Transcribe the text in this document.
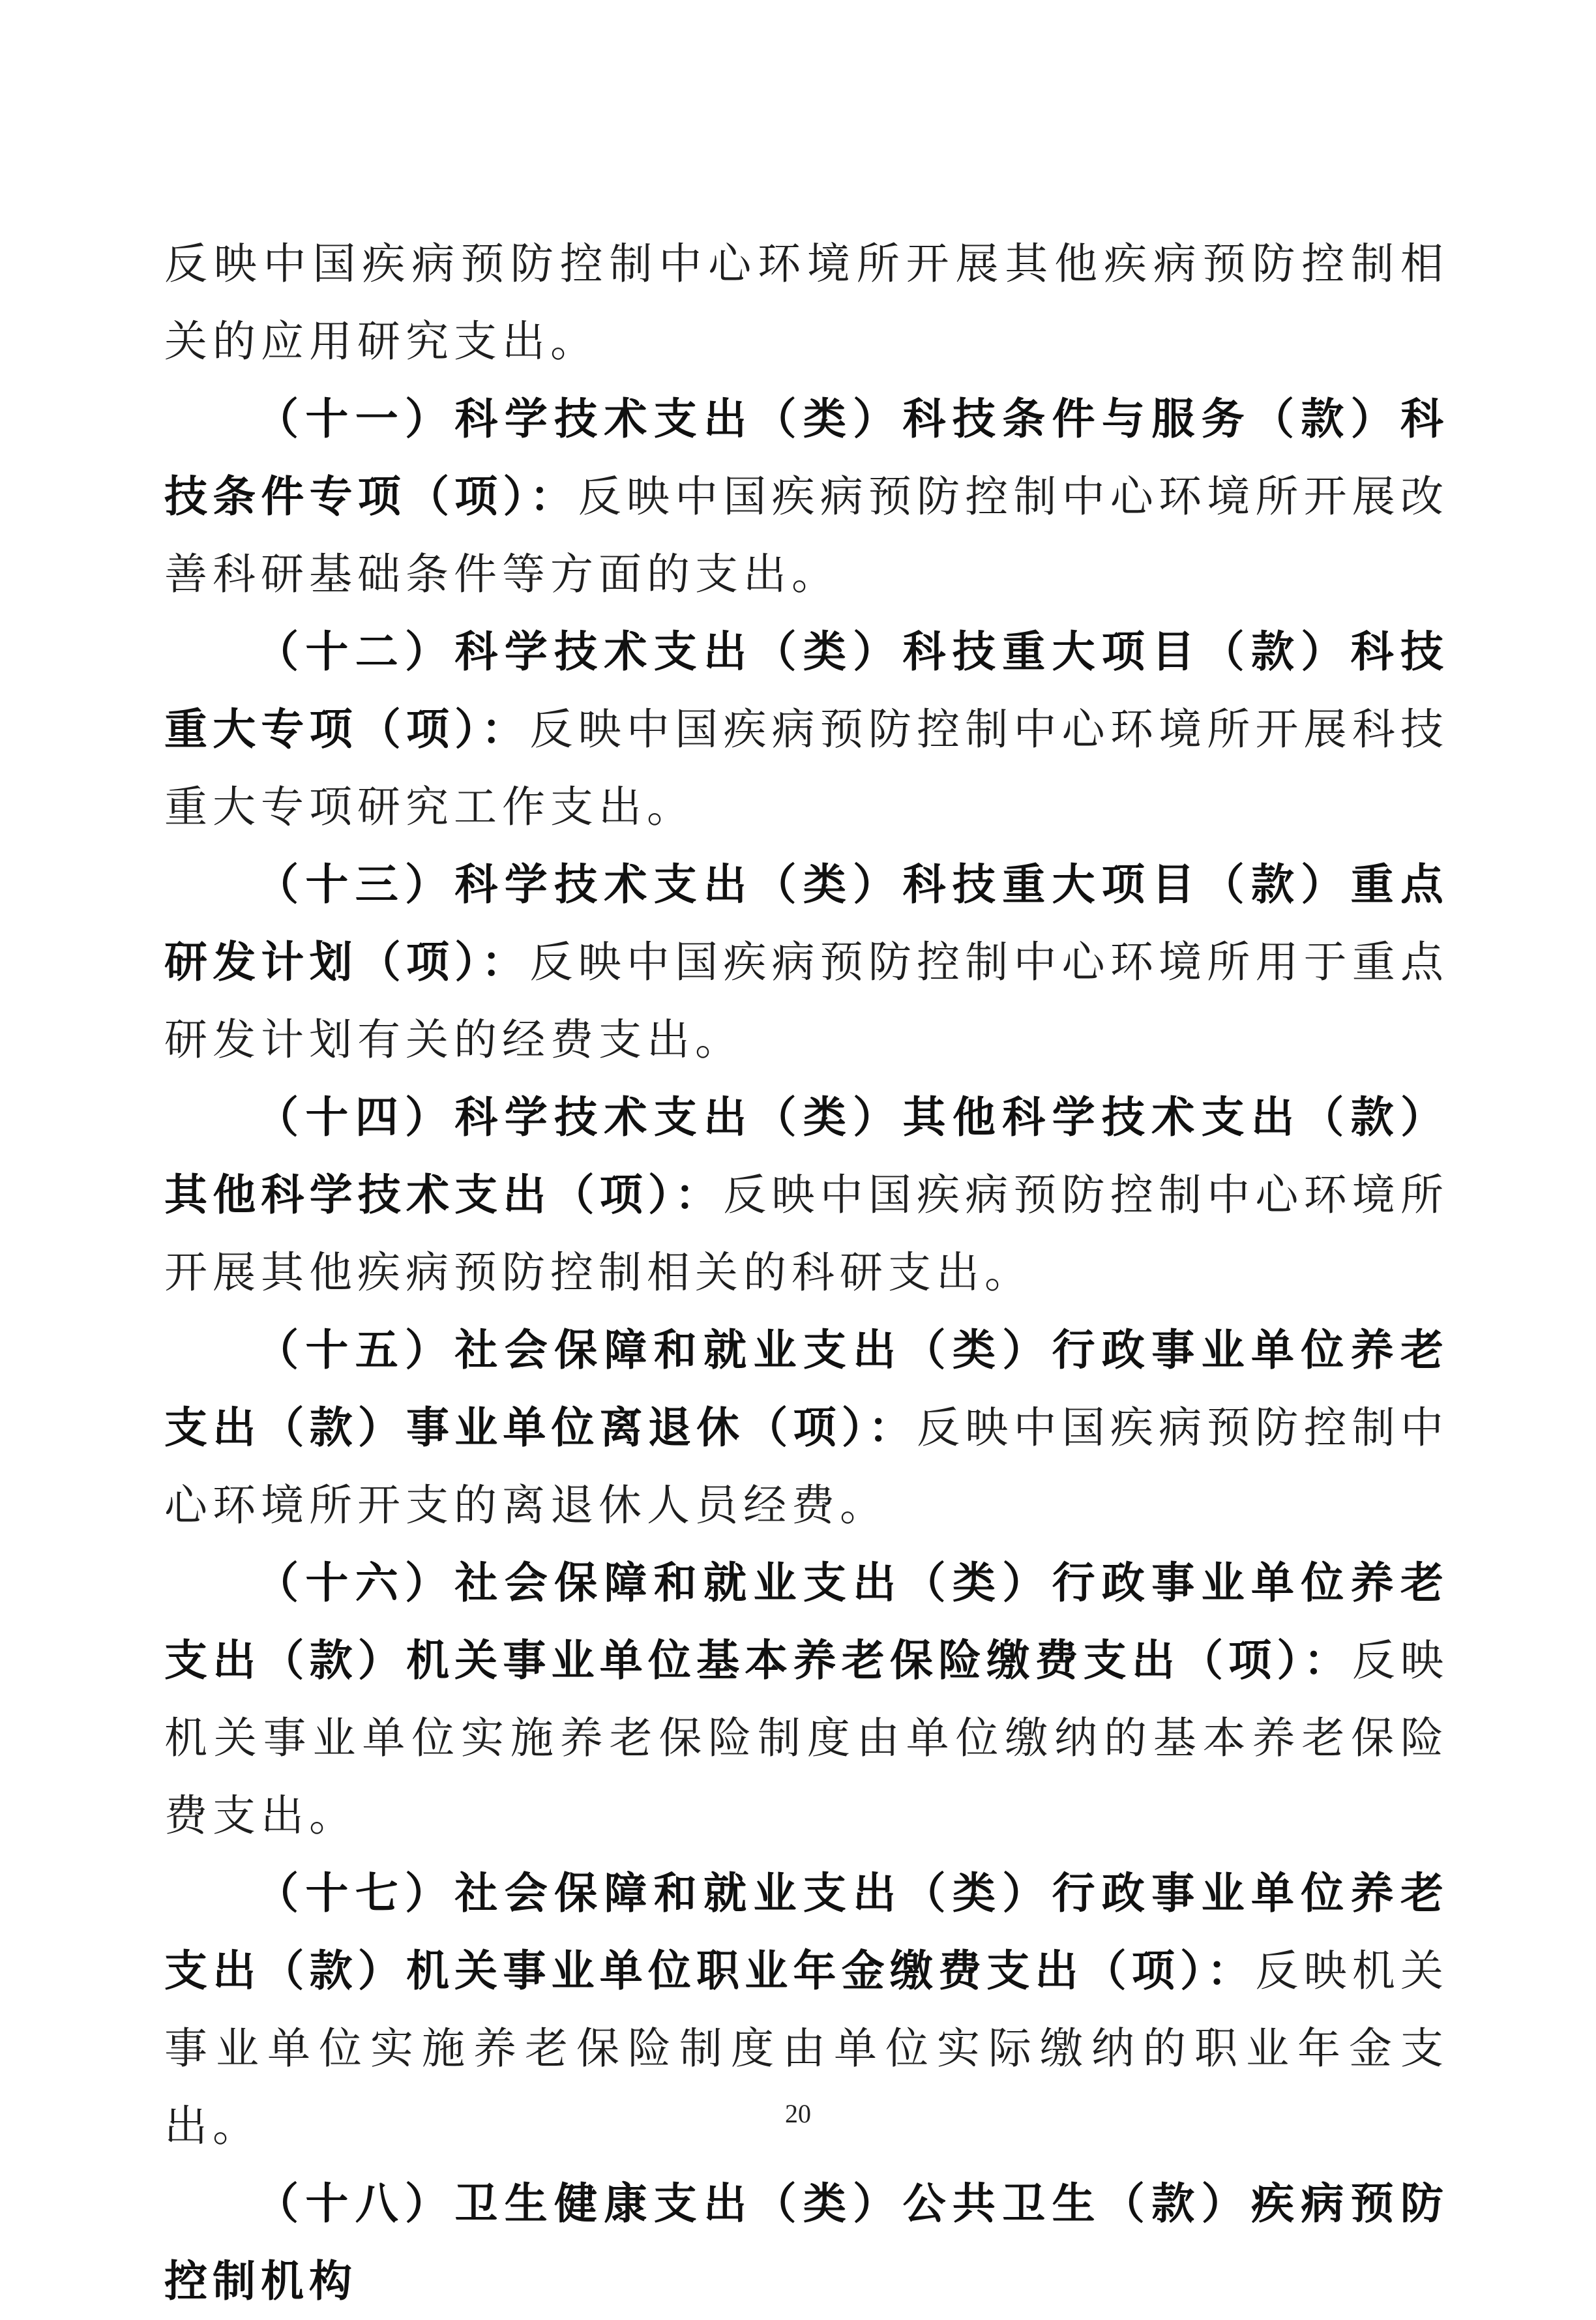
反映中国疾病预防控制中心环境所开展其他疾病预防控制相关的应用研究支出。

（十一）科学技术支出（类）科技条件与服务（款）科技条件专项（项）：反映中国疾病预防控制中心环境所开展改善科研基础条件等方面的支出。

（十二）科学技术支出（类）科技重大项目（款）科技重大专项（项）：反映中国疾病预防控制中心环境所开展科技重大专项研究工作支出。

（十三）科学技术支出（类）科技重大项目（款）重点研发计划（项）：反映中国疾病预防控制中心环境所用于重点研发计划有关的经费支出。

（十四）科学技术支出（类）其他科学技术支出（款）其他科学技术支出（项）：反映中国疾病预防控制中心环境所开展其他疾病预防控制相关的科研支出。

（十五）社会保障和就业支出（类）行政事业单位养老支出（款）事业单位离退休（项）：反映中国疾病预防控制中心环境所开支的离退休人员经费。

（十六）社会保障和就业支出（类）行政事业单位养老支出（款）机关事业单位基本养老保险缴费支出（项）：反映机关事业单位实施养老保险制度由单位缴纳的基本养老保险费支出。

（十七）社会保障和就业支出（类）行政事业单位养老支出（款）机关事业单位职业年金缴费支出（项）：反映机关事业单位实施养老保险制度由单位实际缴纳的职业年金支出。

（十八）卫生健康支出（类）公共卫生（款）疾病预防控制机构

20
